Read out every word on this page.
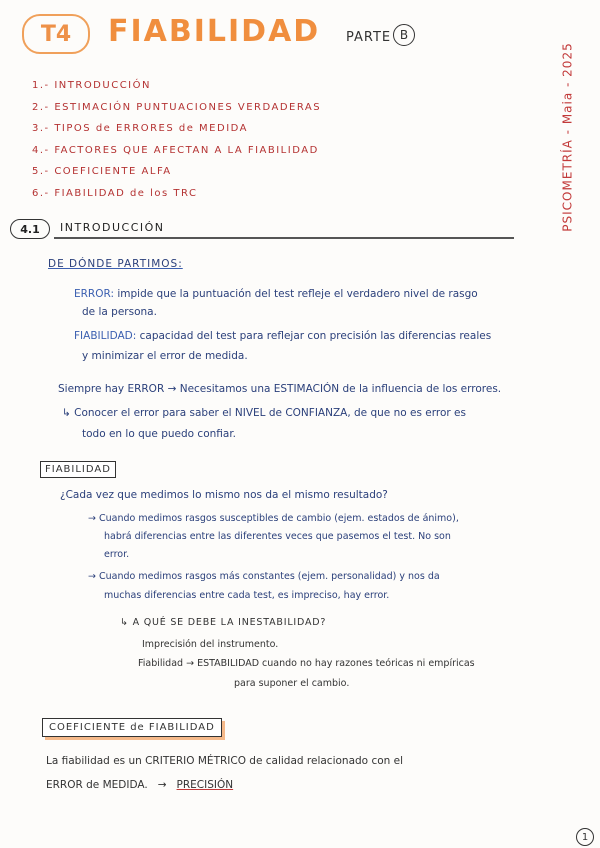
T4	FIABILIDAD PARTE B
PSICOMETRÍA - Maia - 2025
1.- INTRODUCCIÓN
2.- ESTIMACIÓN PUNTUACIONES VERDADERAS
3.- TIPOS de ERRORES de MEDIDA
4.- FACTORES QUE AFECTAN A LA FIABILIDAD
5.- COEFICIENTE ALFA
6.- FIABILIDAD de los TRC
4.1	INTRODUCCIÓN
DE DÓNDE PARTIMOS:
ERROR: impide que la puntuación del test refleje el verdadero nivel de rasgo
de la persona.
FIABILIDAD: capacidad del test para reflejar con precisión las diferencias reales
y minimizar el error de medida.
Siempre hay ERROR → Necesitamos una ESTIMACIÓN de la influencia de los errores.
↳ Conocer el error para saber el NIVEL de CONFIANZA, de que no es error es
todo en lo que puedo confiar.
FIABILIDAD
¿Cada vez que medimos lo mismo nos da el mismo resultado?
→ Cuando medimos rasgos susceptibles de cambio (ejem. estados de ánimo),
habrá diferencias entre las diferentes veces que pasemos el test. No son
error.
→ Cuando medimos rasgos más constantes (ejem. personalidad) y nos da
muchas diferencias entre cada test, es impreciso, hay error.
↳ A QUÉ SE DEBE LA INESTABILIDAD?
Imprecisión del instrumento.
Fiabilidad → ESTABILIDAD cuando no hay razones teóricas ni empíricas
para suponer el cambio.
COEFICIENTE de FIABILIDAD
La fiabilidad es un CRITERIO MÉTRICO de calidad relacionado con el
ERROR de MEDIDA. → PRECISIÓN
1
